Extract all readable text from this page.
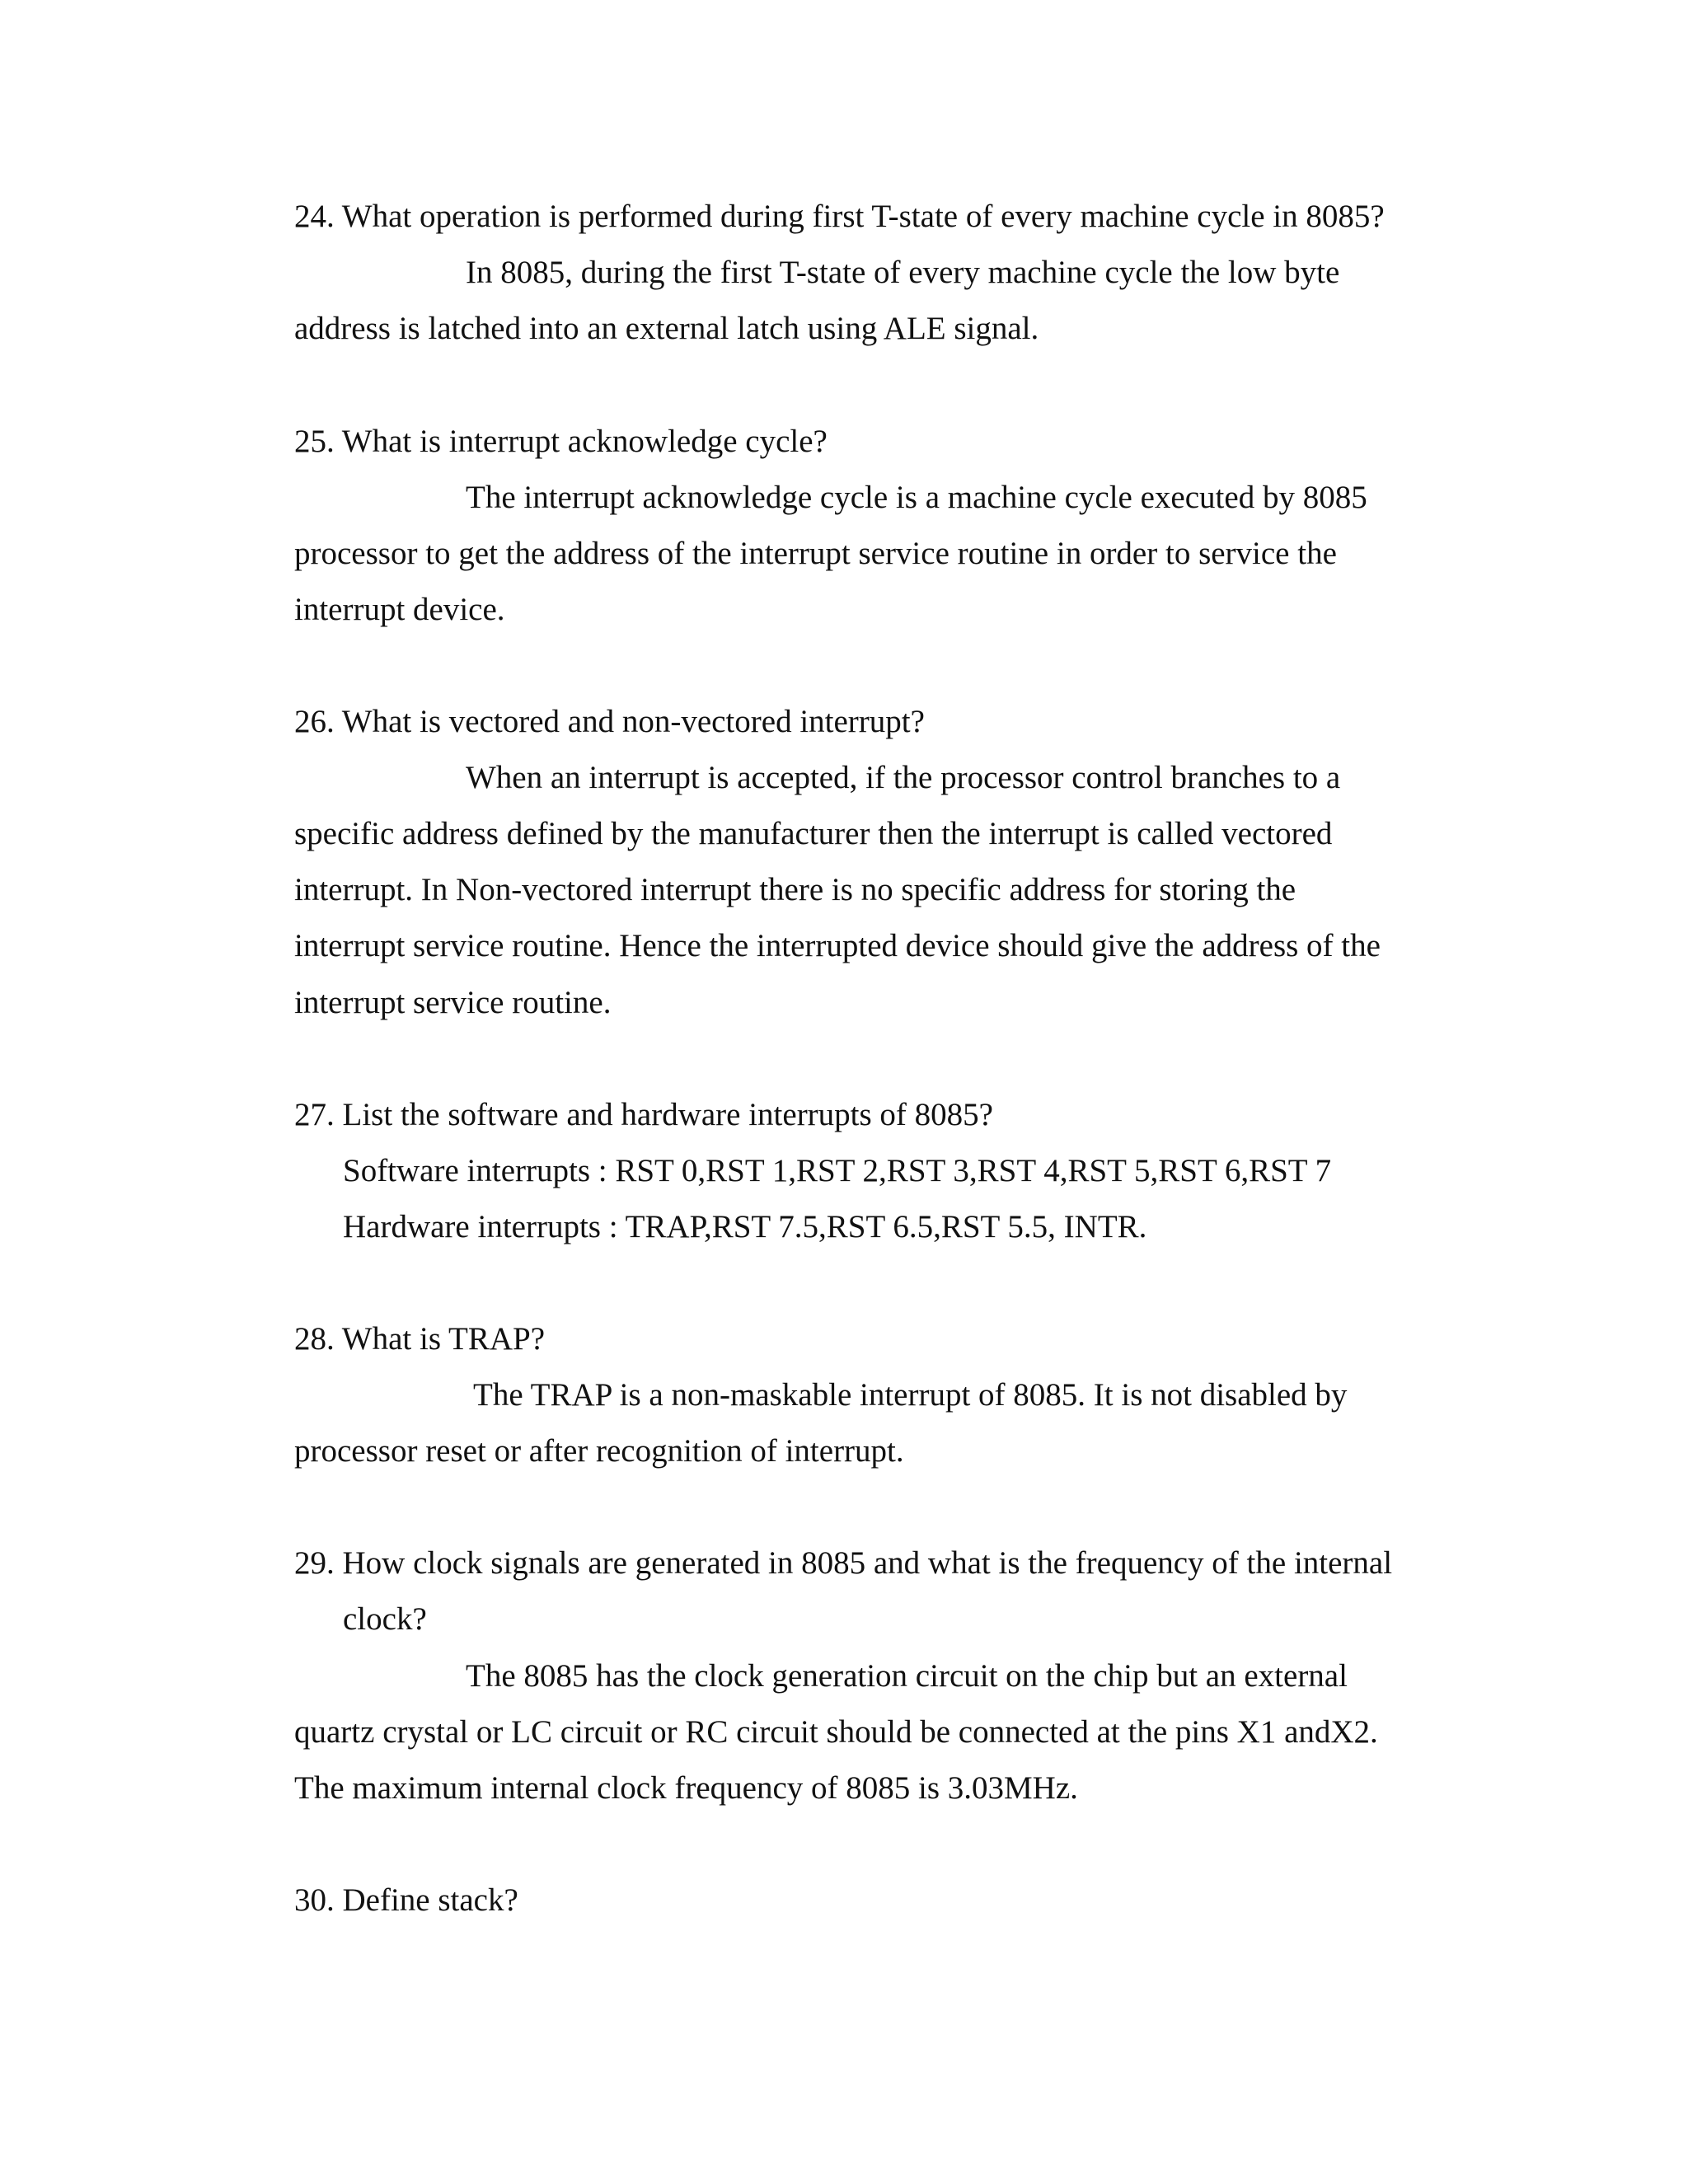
24. What operation is performed during first T-state of every machine cycle in 8085?
In 8085, during the first T-state of every machine cycle the low byte
address is latched into an external latch using ALE signal.
25. What is interrupt acknowledge cycle?
The interrupt acknowledge cycle is a machine cycle executed by 8085
processor to get the address of the interrupt service routine in order to service the
interrupt device.
26. What is vectored and non-vectored interrupt?
When an interrupt is accepted, if the processor control branches to a
specific address defined by the manufacturer then the interrupt is called vectored
interrupt. In Non-vectored interrupt there is no specific address for storing the
interrupt service routine. Hence the interrupted device should give the address of the
interrupt service routine.
27. List the software and hardware interrupts of 8085?
Software interrupts : RST 0,RST 1,RST 2,RST 3,RST 4,RST 5,RST 6,RST 7
Hardware interrupts : TRAP,RST 7.5,RST 6.5,RST 5.5, INTR.
28. What is TRAP?
The TRAP is a non-maskable interrupt of 8085. It is not disabled by
processor reset or after recognition of interrupt.
29. How clock signals are generated in 8085 and what is the frequency of the internal
clock?
The 8085 has the clock generation circuit on the chip but an external
quartz crystal or LC circuit or RC circuit should be connected at the pins X1 andX2.
The maximum internal clock frequency of 8085 is 3.03MHz.
30. Define stack?
